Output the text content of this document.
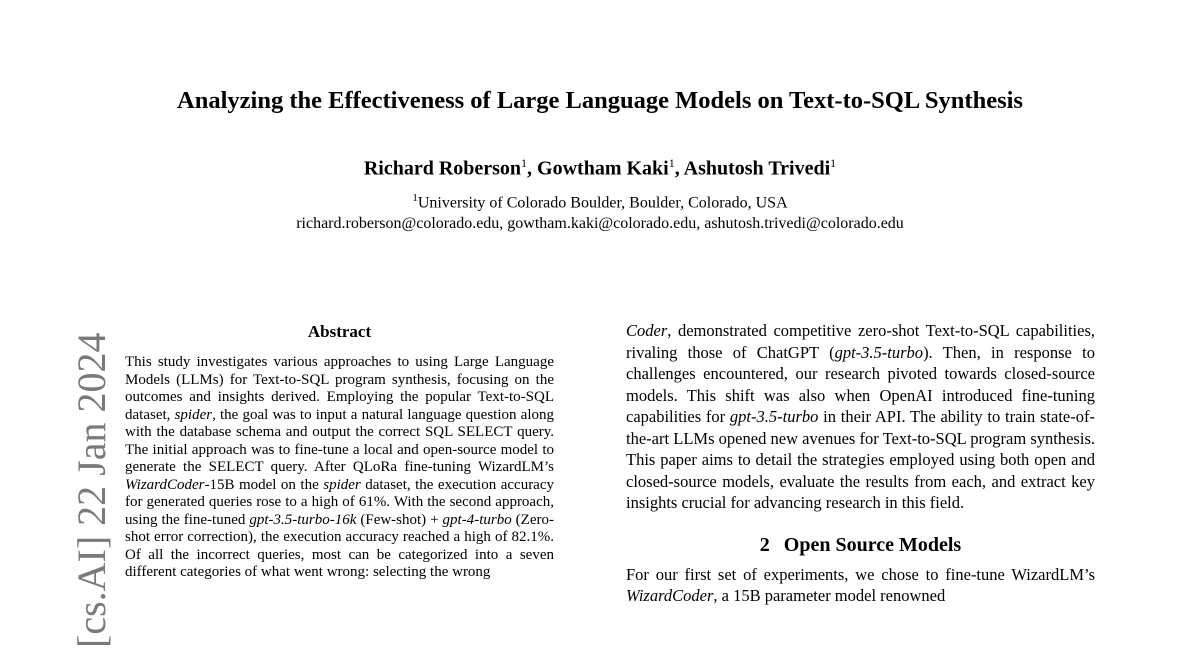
Analyzing the Effectiveness of Large Language Models on Text-to-SQL Synthesis
Richard Roberson$^1$, Gowtham Kaki$^1$, Ashutosh Trivedi$^1$
$^1$University of Colorado Boulder, Boulder, Colorado, USA
richard.roberson@colorado.edu, gowtham.kaki@colorado.edu, ashutosh.trivedi@colorado.edu
[cs.AI] 22 Jan 2024
Abstract

This study investigates various approaches to using Large Language Models (LLMs) for Text-to-SQL program synthesis, focusing on the outcomes and insights derived. Employing the popular Text-to-SQL dataset, spider, the goal was to input a natural language question along with the database schema and output the correct SQL SELECT query. The initial approach was to fine-tune a local and open-source model to generate the SELECT query. After QLoRa fine-tuning WizardLM’s WizardCoder-15B model on the spider dataset, the execution accuracy for generated queries rose to a high of 61%. With the second approach, using the fine-tuned gpt-3.5-turbo-16k (Few-shot) + gpt-4-turbo (Zero-shot error correction), the execution accuracy reached a high of 82.1%. Of all the incorrect queries, most can be categorized into a seven different categories of what went wrong: selecting the wrong

Coder, demonstrated competitive zero-shot Text-to-SQL capabilities, rivaling those of ChatGPT (gpt-3.5-turbo). Then, in response to challenges encountered, our research pivoted towards closed-source models. This shift was also when OpenAI introduced fine-tuning capabilities for gpt-3.5-turbo in their API. The ability to train state-of-the-art LLMs opened new avenues for Text-to-SQL program synthesis. This paper aims to detail the strategies employed using both open and closed-source models, evaluate the results from each, and extract key insights crucial for advancing research in this field.

2 Open Source Models

For our first set of experiments, we chose to fine-tune WizardLM’s WizardCoder, a 15B parameter model renowned
